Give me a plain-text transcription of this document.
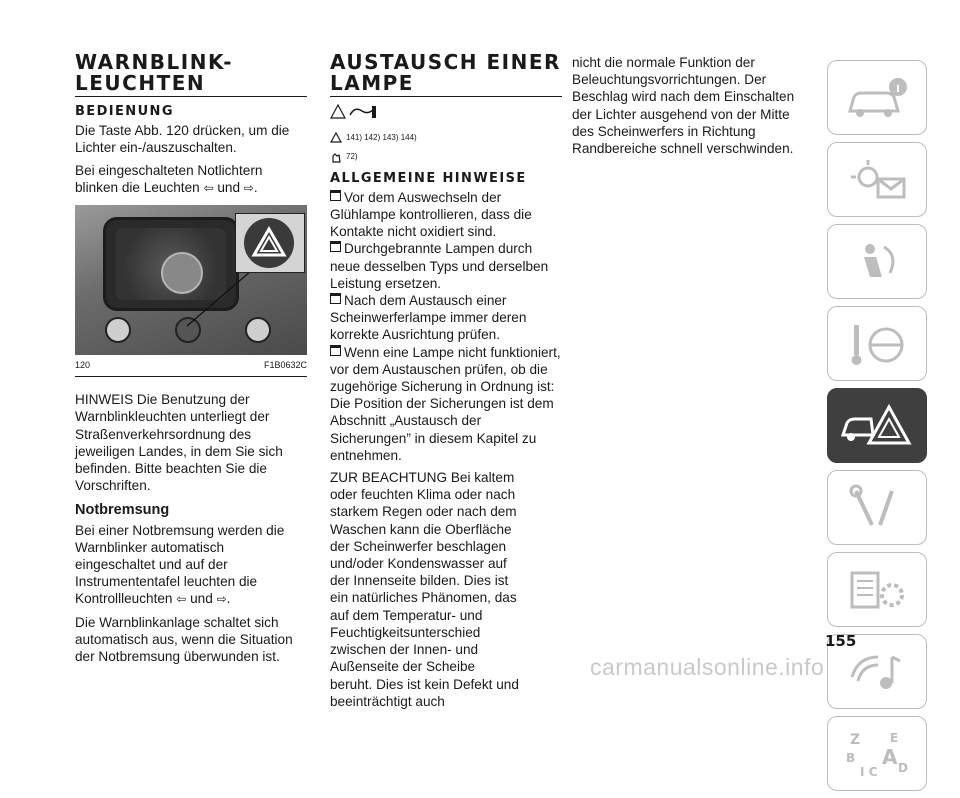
WARNBLINK-
LEUCHTEN
BEDIENUNG

Die Taste Abb. 120 drücken, um die Lichter ein-/auszuschalten.

Bei eingeschalteten Notlichtern blinken die Leuchten ⇦ und ⇨.

120	F1B0632C

HINWEIS Die Benutzung der Warnblinkleuchten unterliegt der Straßenverkehrsordnung des jeweiligen Landes, in dem Sie sich befinden. Bitte beachten Sie die Vorschriften.

Notbremsung

Bei einer Notbremsung werden die Warnblinker automatisch eingeschaltet und auf der Instrumententafel leuchten die Kontrollleuchten ⇦ und ⇨.

Die Warnblinkanlage schaltet sich automatisch aus, wenn die Situation der Notbremsung überwunden ist.

AUSTAUSCH EINER LAMPE
141) 142) 143) 144)
72)
ALLGEMEINE HINWEISE

Vor dem Auswechseln der Glühlampe kontrollieren, dass die Kontakte nicht oxidiert sind.

Durchgebrannte Lampen durch neue desselben Typs und derselben Leistung ersetzen.

Nach dem Austausch einer Scheinwerferlampe immer deren korrekte Ausrichtung prüfen.

Wenn eine Lampe nicht funktioniert, vor dem Austauschen prüfen, ob die zugehörige Sicherung in Ordnung ist: Die Position der Sicherungen ist dem Abschnitt „Austausch der Sicherungen” in diesem Kapitel zu entnehmen.

ZUR BEACHTUNG Bei kaltem oder feuchten Klima oder nach starkem Regen oder nach dem Waschen kann die Oberfläche der Scheinwerfer beschlagen und/oder Kondenswasser auf der Innenseite bilden. Dies ist ein natürliches Phänomen, das auf dem Temperatur- und Feuchtigkeitsunterschied zwischen der Innen- und Außenseite der Scheibe beruht. Dies ist kein Defekt und beeinträchtigt auch

nicht die normale Funktion der Beleuchtungsvorrichtungen. Der Beschlag wird nach dem Einschalten der Lichter ausgehend von der Mitte des Scheinwerfers in Richtung Randbereiche schnell verschwinden.

Z E
B A
I C D
155
carmanualsonline.info
